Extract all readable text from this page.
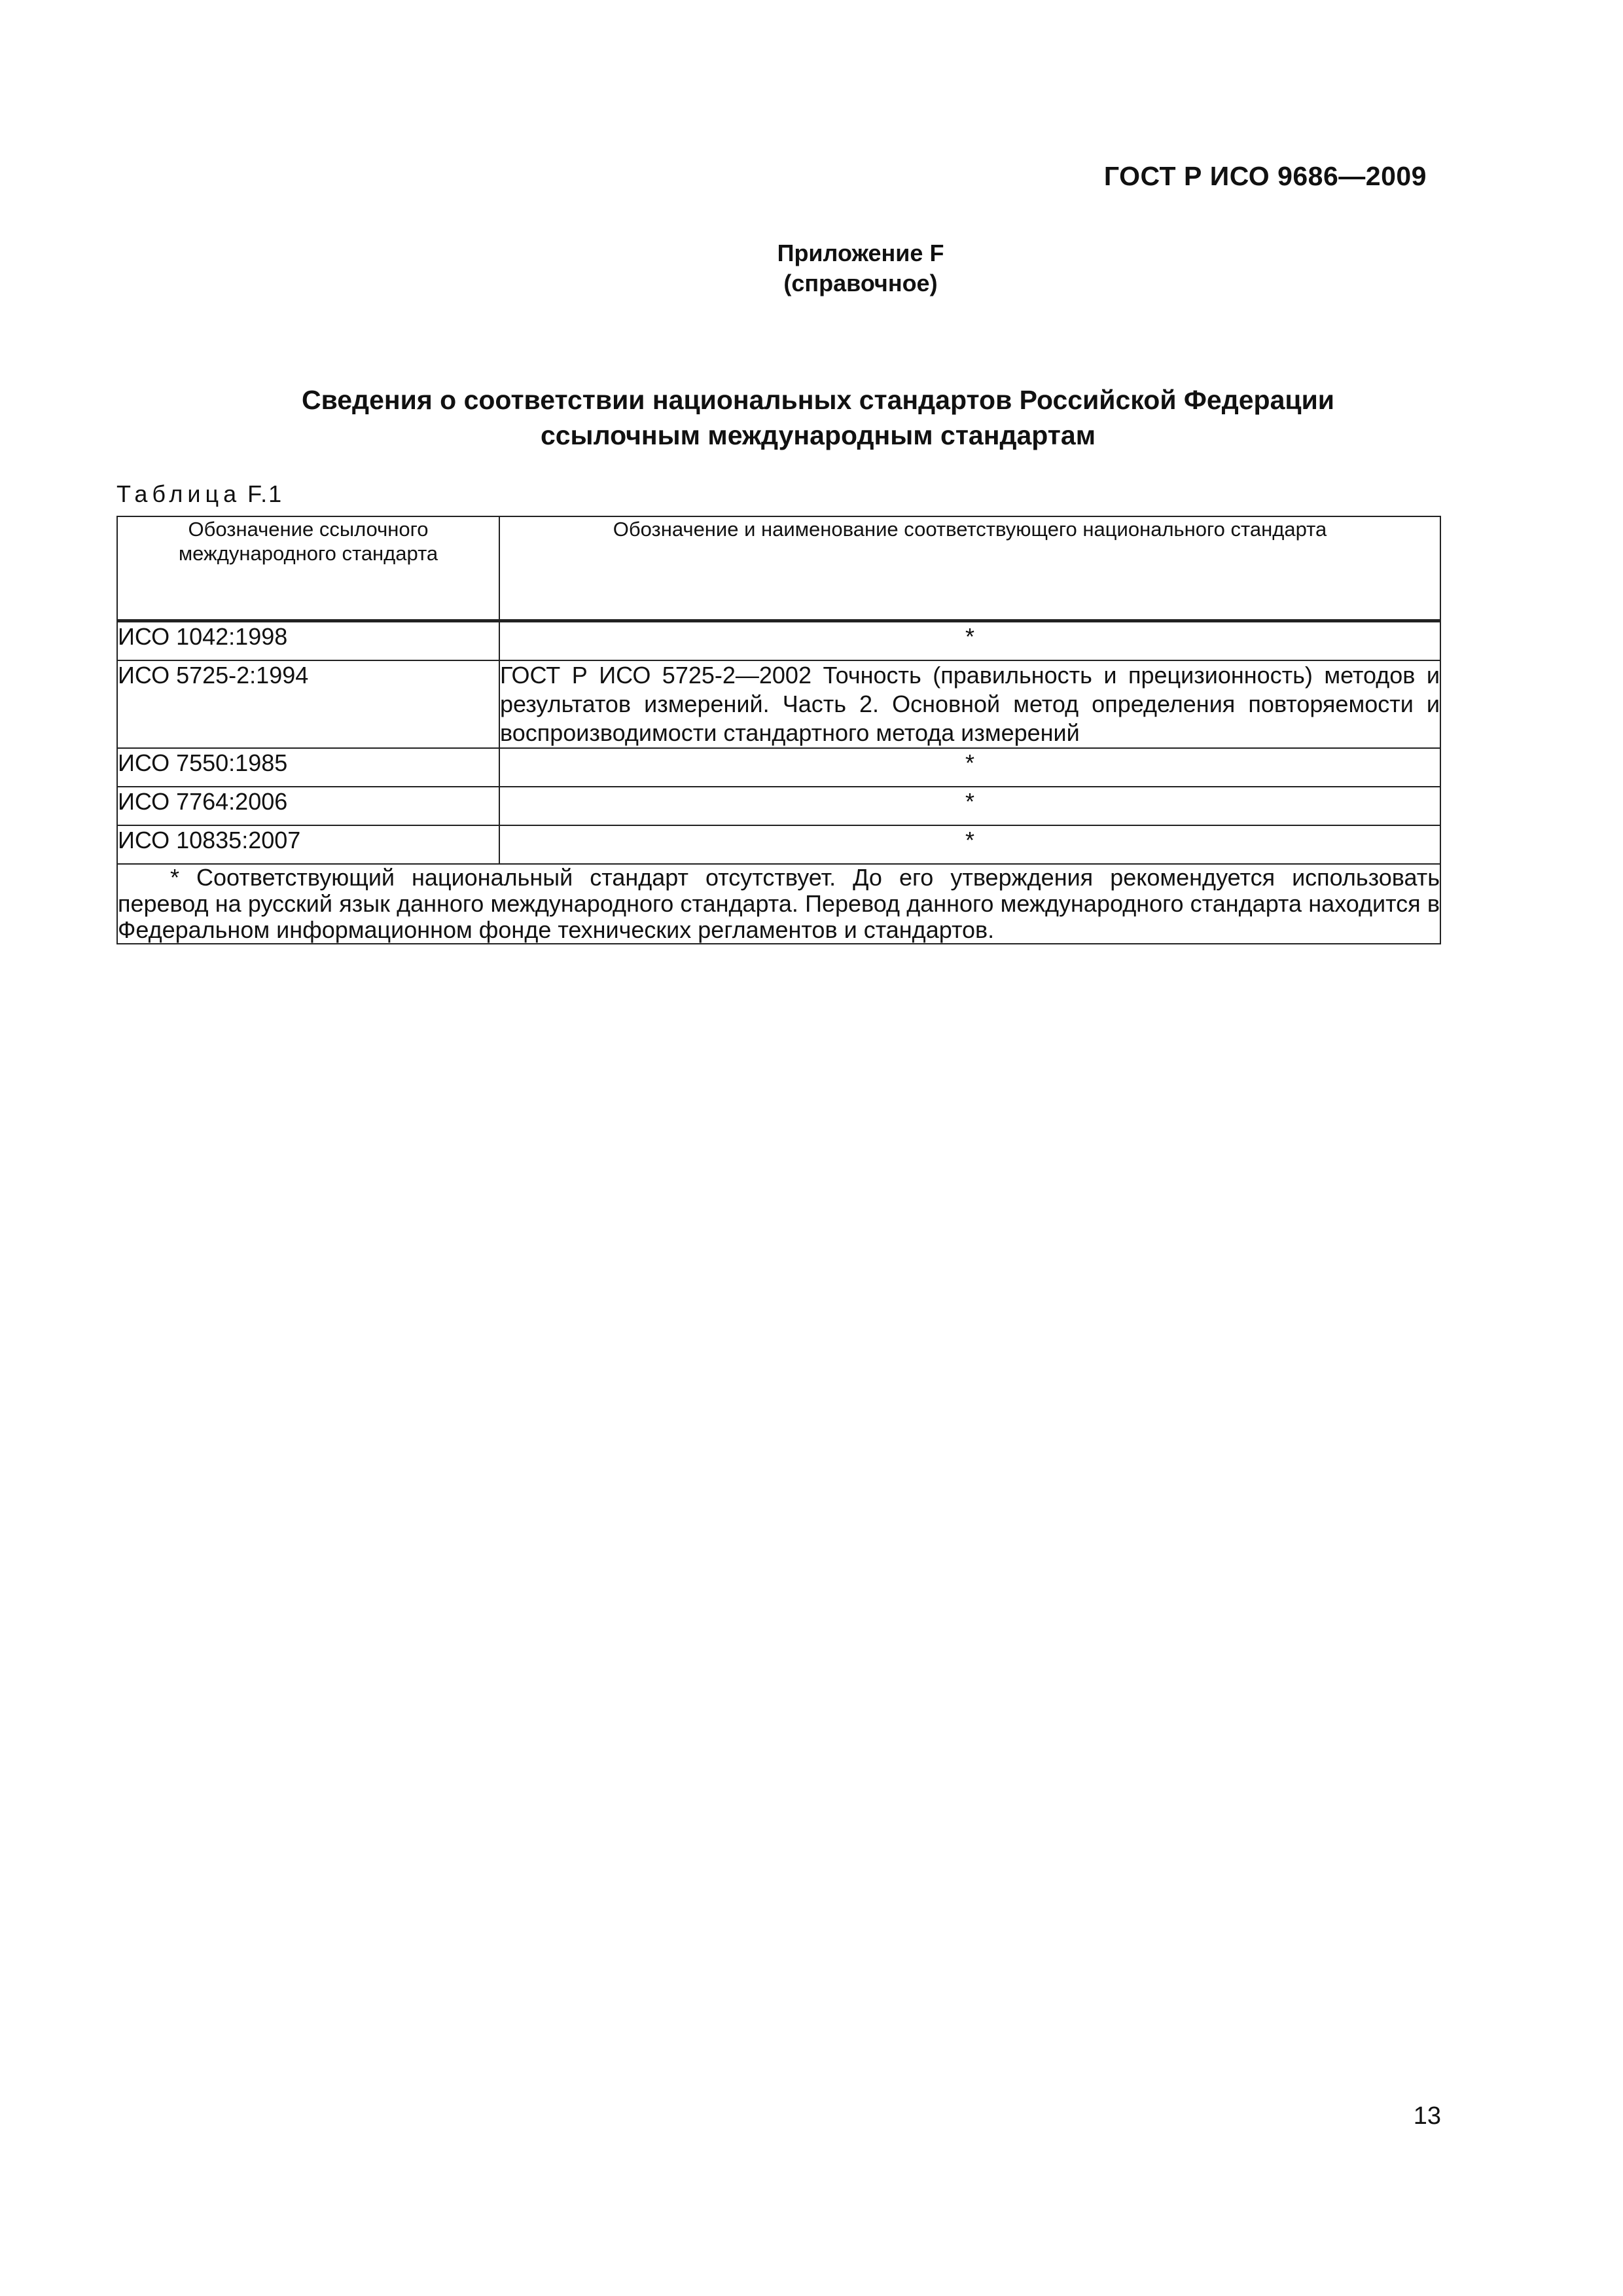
ГОСТ Р ИСО 9686—2009
Приложение F
(справочное)
Сведения о соответствии национальных стандартов Российской Федерации
ссылочным международным стандартам
Таблица F.1
Обозначение ссылочного международного стандарта	Обозначение и наименование соответствующего национального стандарта
ИСО 1042:1998	*
ИСО 5725-2:1994	ГОСТ Р ИСО 5725-2—2002 Точность (правильность и прецизионность) методов и результатов измерений. Часть 2. Основной метод определения повторяемости и воспроизводимости стандартного метода измерений
ИСО 7550:1985	*
ИСО 7764:2006	*
ИСО 10835:2007	*
* Соответствующий национальный стандарт отсутствует. До его утверждения рекомендуется использовать перевод на русский язык данного международного стандарта. Перевод данного международного стандарта находится в Федеральном информационном фонде технических регламентов и стандартов.	
13
